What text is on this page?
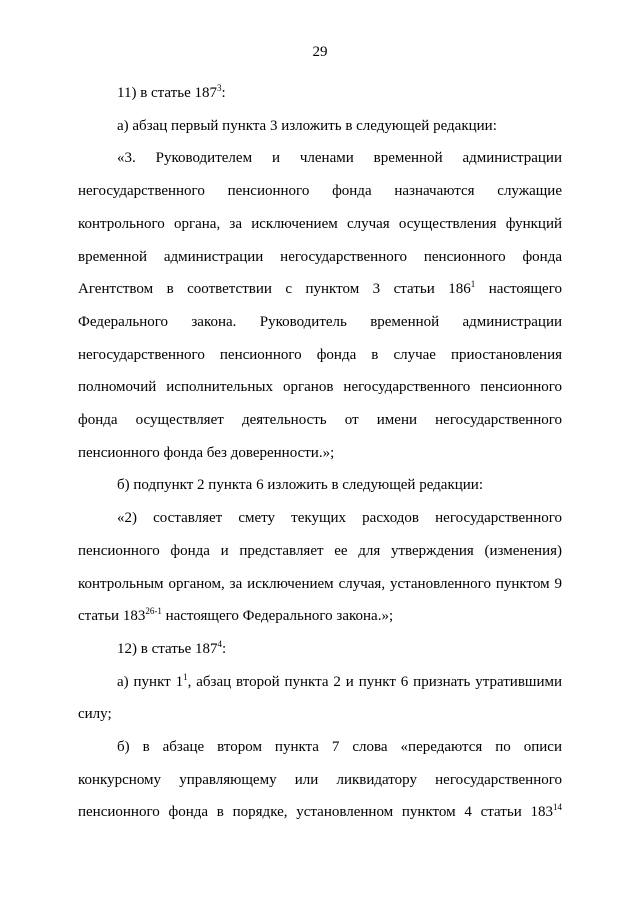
29

11) в статье $187^3$:

а) абзац первый пункта 3 изложить в следующей редакции:

«3. Руководителем и членами временной администрации негосударственного пенсионного фонда назначаются служащие контрольного органа, за исключением случая осуществления функций временной администрации негосударственного пенсионного фонда Агентством в соответствии с пунктом 3 статьи $186^1$ настоящего Федерального закона. Руководитель временной администрации негосударственного пенсионного фонда в случае приостановления полномочий исполнительных органов негосударственного пенсионного фонда осуществляет деятельность от имени негосударственного пенсионного фонда без доверенности.»;

б) подпункт 2 пункта 6 изложить в следующей редакции:

«2) составляет смету текущих расходов негосударственного пенсионного фонда и представляет ее для утверждения (изменения) контрольным органом, за исключением случая, установленного пунктом 9 статьи 183$^{26-1}$ настоящего Федерального закона.»;

12) в статье $187^4$:

а) пункт $1^1$, абзац второй пункта 2 и пункт 6 признать утратившими силу;

б) в абзаце втором пункта 7 слова «передаются по описи конкурсному управляющему или ликвидатору негосударственного пенсионного фонда в порядке, установленном пунктом 4 статьи $183^{14}$
